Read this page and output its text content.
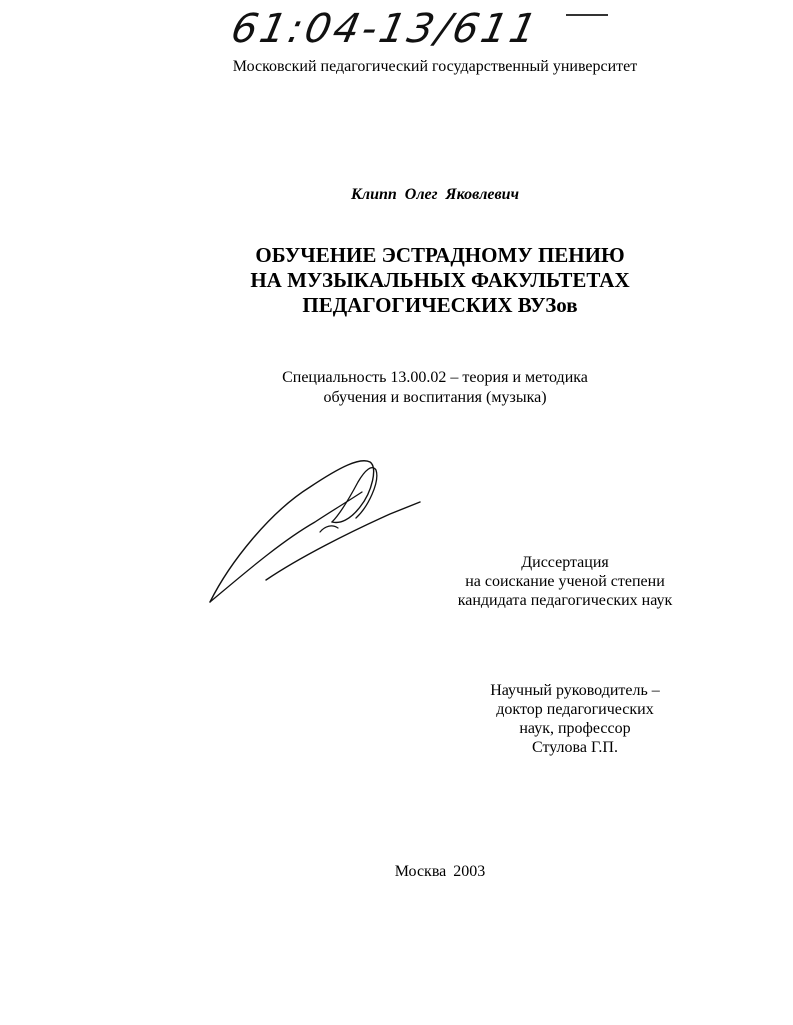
61:04-13/611
Московский педагогический государственный университет
Клипп Олег Яковлевич
ОБУЧЕНИЕ ЭСТРАДНОМУ ПЕНИЮ
НА МУЗЫКАЛЬНЫХ ФАКУЛЬТЕТАХ
ПЕДАГОГИЧЕСКИХ ВУЗов
Специальность 13.00.02 – теория и методика
обучения и воспитания (музыка)
Диссертация
на соискание ученой степени
кандидата педагогических наук
Научный руководитель –
доктор педагогических
наук, профессор
Стулова Г.П.
Москва 2003
